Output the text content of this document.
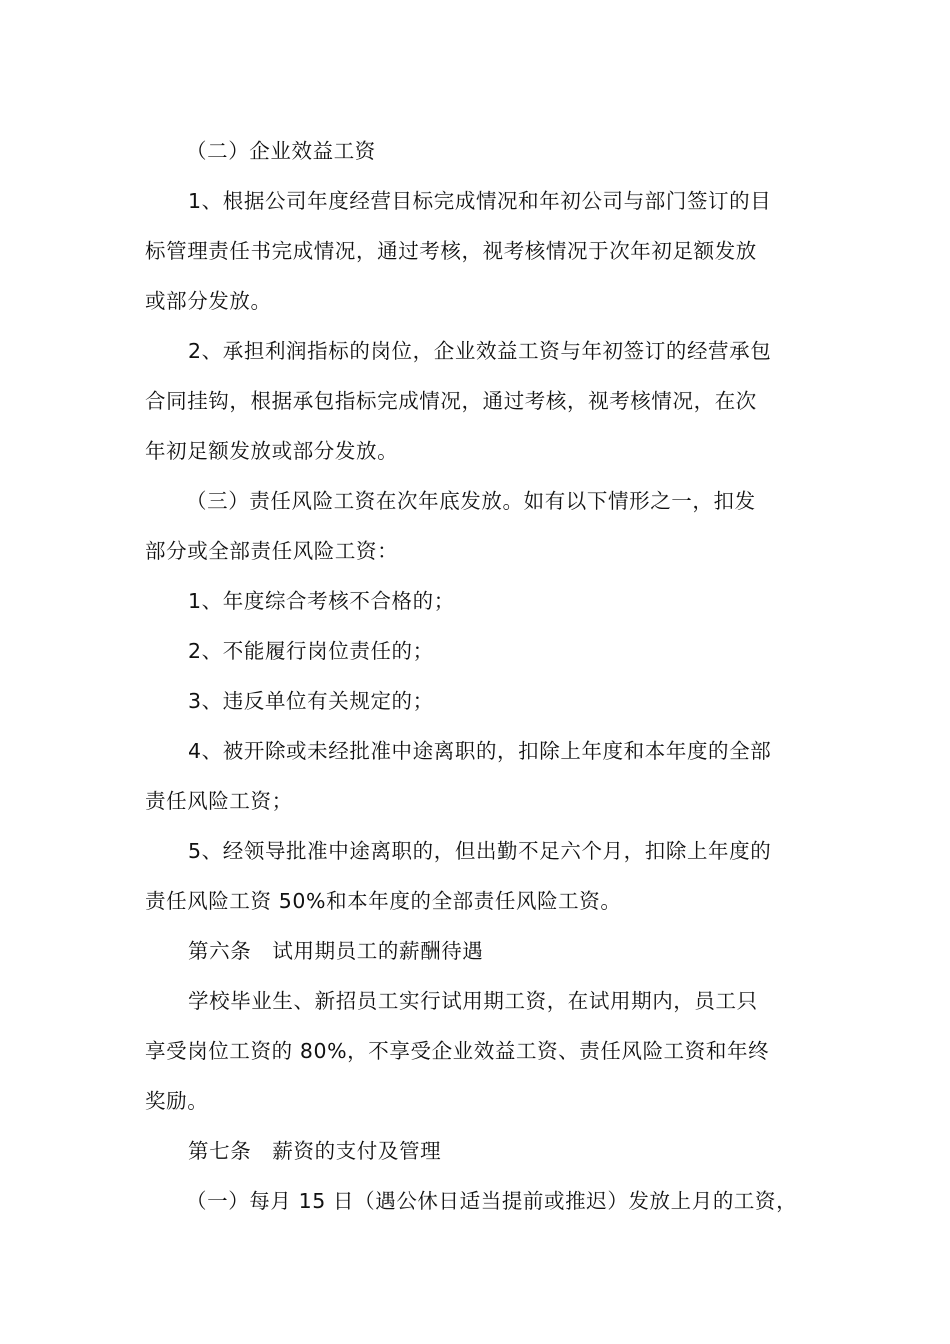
（二）企业效益工资
1、根据公司年度经营目标完成情况和年初公司与部门签订的目
标管理责任书完成情况，通过考核，视考核情况于次年初足额发放
或部分发放。
2、承担利润指标的岗位，企业效益工资与年初签订的经营承包
合同挂钩，根据承包指标完成情况，通过考核，视考核情况，在次
年初足额发放或部分发放。
（三）责任风险工资在次年底发放。如有以下情形之一，扣发
部分或全部责任风险工资：
1、年度综合考核不合格的；
2、不能履行岗位责任的；
3、违反单位有关规定的；
4、被开除或未经批准中途离职的，扣除上年度和本年度的全部
责任风险工资；
5、经领导批准中途离职的，但出勤不足六个月，扣除上年度的
责任风险工资 50%和本年度的全部责任风险工资。
第六条　试用期员工的薪酬待遇
学校毕业生、新招员工实行试用期工资，在试用期内，员工只
享受岗位工资的 80%，不享受企业效益工资、责任风险工资和年终
奖励。
第七条　薪资的支付及管理
（一）每月 15 日（遇公休日适当提前或推迟）发放上月的工资，
